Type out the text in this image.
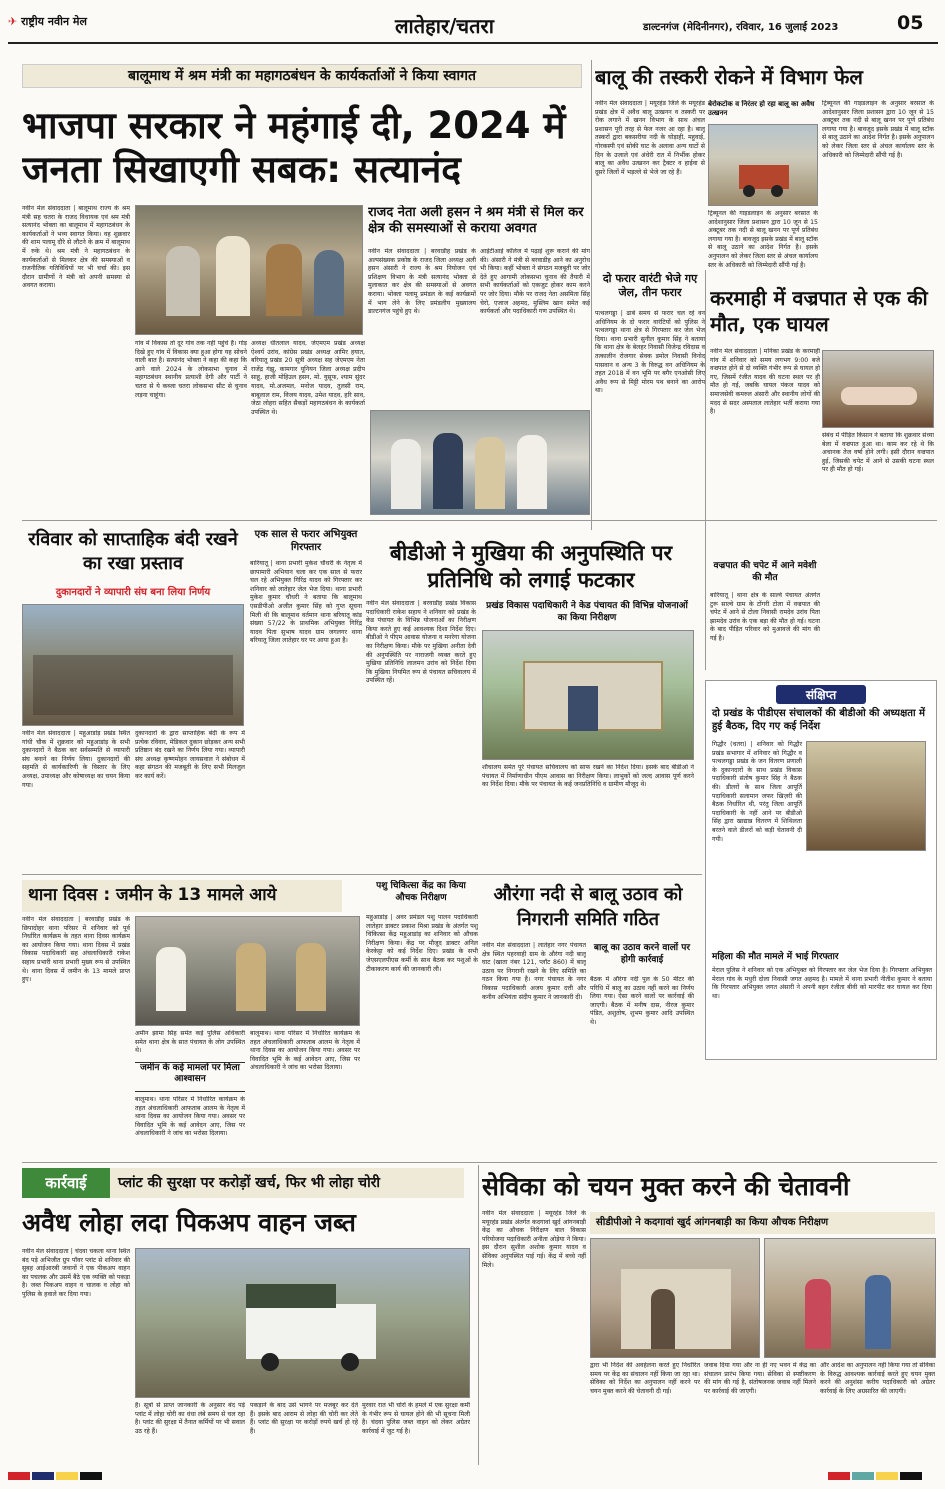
✈ राष्ट्रीय नवीन मेल	लातेहार/चतरा	डाल्टनगंज (मेदिनीनगर), रविवार, 16 जुलाई 2023	05
बालूमाथ में श्रम मंत्री का महागठबंधन के कार्यकर्ताओं ने किया स्वागत
भाजपा सरकार ने महंगाई दी, 2024 में जनता सिखाएगी सबक: सत्यानंद
नवीन मेल संवाददाता | बालूमाथ राज्य के श्रम मंत्री सह चतरा के राजद विधायक एवं श्रम मंत्री सत्यानंद भोक्ता का बालूमाथ में महागठबंधन के कार्यकर्ताओं ने भव्य स्वागत किया। वह शुक्रवार की शाम पलामू दौरे से लौटने के क्रम में बालूमाथ में रुके थे। श्रम मंत्री ने महागठबंधन के कार्यकर्ताओं से मिलकर क्षेत्र की समस्याओं व राजनीतिक गतिविधियों पर भी चर्चा की। इस दौरान ग्रामीणों ने मंत्री को अपनी समस्या से अवगत कराया।
गांव में विकास तो दूर गांव तक नहीं पहुंचे हैं। गोड़ दिखे हुए गांव में विकास क्या हुआ होगा यह सोचने वाली बात है। सत्यानंद भोक्ता ने कहा की कहा कि आने वाले 2024 के लोकसभा चुनाव में महागठबंधन स्थानीय प्रत्याशी देगी और पार्टी ने चतरा से ये कब्जा चतरा लोकसभा सीट से चुनाव लड़ना चाहूंगा।
अध्यक्ष धीतलाल यादव, जेएमएम प्रखंड अध्यक्ष ऐश्वर्य उरांव, कांग्रेस प्रखंड अध्यक्ष आमिर हयात, बरियातू प्रखंड 20 सूत्री अध्यक्ष सह जेएमएम नेता राजेंद्र गंझू, कामगार यूनियन जिला अध्यक्ष प्रदीप साहू, हाजी मोहिउल हसन, मो. युसूफ, श्याम सुंदर यादव, मो.अजमल, मनोज यादव, तुलसी राम, बाबूलाल राम, विजय यादव, उमेश यादव, हरि साव, जेठा लोहरा सहित सैकड़ों महागठबंधन के कार्यकर्ता उपस्थित थे।
राजद नेता अली हसन ने श्रम मंत्री से मिल कर क्षेत्र की समस्याओं से कराया अवगत
नवीन मेल संवाददाता | बरवाडीह प्रखंड के अल्पसंख्यक प्रकोष्ठ के राजद जिला अध्यक्ष अली हसन अंसारी ने राज्य के श्रम नियोजन एवं प्रशिक्षण विभाग के मंत्री सत्यानंद भोक्ता से मुलाकात कर क्षेत्र की समस्याओं से अवगत कराया। भोक्ता पलामू प्रमंडल के कई कार्यक्रमों में भाग लेने के लिए प्रमंडलीय मुख्यालय डाल्टनगंज पहुंचे हुए थे।
आईटीआई कॉलेज में पढ़ाई शुरू कराने की मांग की। अंसारी ने मंत्री से बरवाडीह आने का अनुरोध भी किया। कहीं भोक्ता ने संगठन मजबूती पर जोर देते हुए आगामी लोकसभा चुनाव की तैयारी में सभी कार्यकर्ताओं को एकजुट होकर काम करने पर जोर दिया। मौके पर राजद नेता असमिता सिंह चेरो, एजाज अहमद, मुस्लिम खान समेत कई कार्यकर्ता और पदाधिकारी गण उपस्थित थे।
बालू की तस्करी रोकने में विभाग फेल
नवीन मेल संवाददाता | मयूरहंड जिले के मयूरहंड प्रखंड क्षेत्र में अवैध बालू उत्खनन व तस्करी पर रोक लगाने में खनन विभाग के साथ अंचल प्रशासन पूरी तरह से फेल नजर आ रहा है। बालू तस्करों द्वारा बकसरीया नदी के घोड़ाही, महुवाई, गोरकस्पी एवं सोकी घाट के अलावा अन्य घाटों से दिन के उजाले एवं अंधेरी रात में निर्भीक होकर बालू का अवैध उत्खनन कर ट्रैक्टर व हाईवा से दूसरे जिलों में भड़ल्ले से भेजे जा रहे हैं।
बेरोकटोक व निरंतर हो रहा बालू का अवैध उत्खनन
ट्रिब्यूनल की गाइडलाइन के अनुसार बरसात के आदेशानुसार जिला प्रशासन द्वारा 10 जून से 15 अक्टूबर तक नदी से बालू खनन पर पूर्ण प्रतिबंध लगाया गया है। बावजूद इसके प्रखंड में बालू स्टॉक से बालू उठाने का आदेश निर्गत है। इसके अनुपालन को लेकर जिला स्तर से अंचल कार्यालय स्तर के अधिकारी को जिम्मेदारी सौंपी गई है।
ट्रिब्यूनल की गाइडलाइन के अनुसार बरसात के आदेशानुसार जिला प्रशासन द्वारा 10 जून से 15 अक्टूबर तक नदी से बालू खनन पर पूर्ण प्रतिबंध लगाया गया है। बावजूद इसके प्रखंड में बालू स्टॉक से बालू उठाने का आदेश निर्गत है। इसके अनुपालन को लेकर जिला स्तर से अंचल कार्यालय स्तर के अधिकारी को जिम्मेदारी सौंपी गई है।
दो फरार वारंटी भेजे गए जेल, तीन फरार
पत्थलगड्डा | ढाबे समय से फरार चल रहे वन अधिनियम के दो फरार वारंटियों को पुलिस ने पत्थलगड्डा थाना क्षेत्र से गिरफ्तार कर जेल भेज दिया। थाना प्रभारी सुनील कुमार सिंह ने बताया कि थाना क्षेत्र के बेलहर निवासी विजेन्द्र रविदास व तत्कालीन रोजगार सेवक डमोल निवासी विनोद पासवान व अन्य 3 के विरुद्ध वन अधिनियम के तहत 2018 में वन भूमि पर बगैर एनओसी लिए अवैध रूप से मिट्टी मोरम पथ बनाने का आरोप था।
करमाही में वज्रपात से एक की मौत, एक घायल
नवीन मेल संवाददाता | मनिका प्रखंड के करमाही गांव में शनिवार को समय लगभग 9:00 बजे वज्रपात होने से दो व्यक्ति गंभीर रूप से घायल हो गए, जिसमें रंजीत यादव की घटना स्थल पर ही मौत हो गई, जबकि घायल पंकज यादव को समाजसेवी कमरुल अंसारी और स्थानीय लोगों की मदद से सदर अस्पताल लातेहार भर्ती कराया गया है।
संबंध में पीड़ित किसान ने बताया कि शुक्रवार संध्या बेला में वज्रपात हुआ था। काम कर रहे थे कि अचानक तेज वर्षा होने लगी। इसी दौरान वज्रपात हुई, जिसकी चपेट में आने से उसकी घटना स्थल पर ही मौत हो गई।
वज्रपात की चपेट में आने मवेशी की मौत
बारियातू | थाना क्षेत्र के साल्वे पंचायत अंतर्गत टुरू साल्वे ग्राम के टोंगरी टोला में वज्रपात की चपेट में आने से टोला निवासी रामदेव उरांव पिता झामदेव उरांव के एक बड़ा की मौत हो गई। घटना के बाद पीड़ित परिवार को मुआवजे की मांग की गई है।
संक्षिप्त
दो प्रखंड के पीडीएस संचालकों की बीडीओ की अध्यक्षता में हुई बैठक, दिए गए कई निर्देश
गिद्धौर (चतरा) | शनिवार को गिद्धौर प्रखंड सभागार में शनिवार को गिद्धौर व पत्थलगड्डा प्रखंड के जन वितरण प्रणाली के दुकानदारों के साथ प्रखंड विकास पदाधिकारी संतोष कुमार सिंह ने बैठक की। डीलरों के साथ जिला आपूर्ति पदाधिकारी सलामान जफर खिज़री की बैठक निर्धारित थी, परंतु जिला आपूर्ति पदाधिकारी के नहीं आने पर बीडीओ सिंह द्वारा खाद्यान्न वितरण में शिथिलता बरतने वाले डीलरों को कड़ी चेतावनी दी गयी।
महिला की मौत मामले में भाई गिरफ्तार
मेराल पुलिस ने शनिवार को एक अभियुक्त को गिरफ्तार कर जेल भेज दिया है। गिरफ्तार अभियुक्त मेराल गांव के मधुरी दोला निवासी जगत अहमद है। मामले में थाना प्रभारी नीतीश कुमार ने बताया कि गिरफ्तार अभियुक्त जगत अंसारी ने अपनी बहन रंजीता बीवी को मारपीट कर घायल कर दिया था।
रविवार को साप्ताहिक बंदी रखने का रखा प्रस्ताव
दुकानदारों ने व्यापारी संघ बना लिया निर्णय
नवीन मेल संवाददाता | महुआडांड़ प्रखंड स्थित गांधी चौक में शुक्रवार को महुआडांड़ के सभी दुकानदारों ने बैठक कर सर्वसम्मति से व्यापारी संघ बनाने का निर्णय लिया। दुकानदारों की सहमति से कार्यकारिणी के विस्तार के लिए अध्यक्ष, उपाध्यक्ष और कोषाध्यक्ष का चयन किया गया।
दुकानदारों के द्वारा साप्ताहिक बंदी के रूप में प्रत्येक रविवार, मेडिकल दुकान छोड़कर अन्य सभी प्रतिष्ठान बंद रखने का निर्णय लिया गया। व्यापारी संघ अध्यक्ष कृष्णमोहन जायसवाल ने संबोधन में कहा संगठन की मजबूती के लिए सभी मिलजुल कर कार्य करें।
एक साल से फरार अभियुक्त गिरफ्तार
बारियातू | थाना प्रभारी मुकेश चौधरी के नेतृत्व में छापामारी अभियान चला कर एक साल से फरार चल रहे अभियुक्त गिरिंद्र यादव को गिरफ्तार कर शनिवार को लातेहार जेल भेज दिया। थाना प्रभारी मुकेश कुमार चौधरी ने बताया कि बालूमाथ एसडीपीओ अजीत कुमार सिंह को गुप्त सूचना मिली थी कि बालूमाथ वर्तमान थाना बरियातू कांड संख्या 57/22 के प्राथमिक अभियुक्त गिरिंद्र यादव पिता सुभाष यादव ग्राम जगलगर थाना बरियातू जिला लातेहार घर पर आया हुआ है।
बीडीओ ने मुखिया की अनुपस्थिति पर प्रतिनिधि को लगाई फटकार
नवीन मेल संवाददाता | बरवाडीह प्रखंड विकास पदाधिकारी राकेश सहाय ने शनिवार को प्रखंड के केड पंचायत के विभिन्न योजनाओं का निरीक्षण किया करते हुए कई आवश्यक दिशा निर्देश दिए। बीडीओ ने पीएम आवास योजना व मनरेगा योजना का निरीक्षण किया। मौके पर मुखिया अनीता देवी की अनुपस्थिति पर नाराजगी व्यक्त करते हुए मुखिया प्रतिनिधि लालमन उरांव को निर्देश दिया कि मुखिया नियमित रूप से पंचायत सचिवालय में उपस्थित रहें।
प्रखंड विकास पदाधिकारी ने केड पंचायत की विभिन्न योजनाओं का किया निरीक्षण
शौचालय समेत पूरे पंचायत सचिवालय को साफ रखने का निर्देश दिया। इसके बाद बीडीओ ने पंचायत में निर्माणाधीन पीएम आवास का निरीक्षण किया। लाभुकों को जल्द आवास पूर्ण करने का निर्देश दिया। मौके पर पंचायत के कई जनप्रतिनिधि व ग्रामीण मौजूद थे।
थाना दिवस : जमीन के 13 मामले आये
नवीन मेल संवाददाता | बरवाडीह प्रखंड के छिपादोहर थाना परिसर में शनिवार को पूर्व निर्धारित कार्यक्रम के तहत थाना दिवस कार्यक्रम का आयोजन किया गया। थाना दिवस में प्रखंड विकास पदाधिकारी सह अंचलाधिकारी राकेश सहाय प्रभारी थाना प्रभारी मुख्य रूप से उपस्थित थे। थाना दिवस में जमीन के 13 मामले प्राप्त हुए।
अमीन झामा सिंह समेत कई पुलिस अधिकारी समेत थाना क्षेत्र के सात पंचायत के लोग उपस्थित थे।
जमीन के कई मामलों पर मिला आश्वासन
बालूमाथ। थाना परिसर में निर्धारित कार्यक्रम के तहत अंचलाधिकारी आफताब आलम के नेतृत्व में थाना दिवस का आयोजन किया गया। अवसर पर विवादित भूमि के कई आवेदन आए, जिस पर अंचलाधिकारी ने जांच का भरोसा दिलाया।
बालूमाथ। थाना परिसर में निर्धारित कार्यक्रम के तहत अंचलाधिकारी आफताब आलम के नेतृत्व में थाना दिवस का आयोजन किया गया। अवसर पर विवादित भूमि के कई आवेदन आए, जिस पर अंचलाधिकारी ने जांच का भरोसा दिलाया।
पशु चिकित्सा केंद्र का किया औचक निरीक्षण
महुआडांड़ | अवर प्रमंडल पशु पालन पदाधिकारी लातेहार डाक्टर प्रकाश मिश्रा प्रखंड के अंतर्गत पशु चिकित्सा केंद्र महुआडांड़ का शनिवार को औचक निरीक्षण किया। केंद्र पर मौजूद डाक्टर अनिल केरकेट्टा को कई निर्देश दिए। प्रखंड के सभी जेएसएलपीएस कर्मी के साथ बैठक कर पशुओं के टीकाकरण कार्य की जानकारी ली।
औरंगा नदी से बालू उठाव को निगरानी समिति गठित
नवीन मेल संवाददाता | लातेहार नगर पंचायत क्षेत्र स्थित पहरवाही ग्राम के औरंगा नदी बालू घाट (खाता नंबर 121, प्लॉट 860) में बालू उठाव पर निगरानी रखने के लिए समिति का गठन किया गया है। नगर पंचायत के नगर विकास पदाधिकारी अजय कुमार दत्ती और कनीय अभियंता संदीप कुमार ने जानकारी दी।
बालू का उठाव करने वालों पर होगी कार्रवाई
बैठक में औरंगा नदी पुल के 50 मीटर की परिधि में बालू का उठाव नहीं करने का निर्णय लिया गया। ऐसा करने वालों पर कार्रवाई की जाएगी। बैठक में मनीष दास, नीरज कुमार पंडित, अशुतोष, शुभम कुमार आदि उपस्थित थे।
कार्रवाई	प्लांट की सुरक्षा पर करोड़ों खर्च, फिर भी लोहा चोरी
अवैध लोहा लदा पिकअप वाहन जब्त
नवीन मेल संवाददाता | चंदवा चकला थाना स्थित बंद पड़े अभिजीत ग्रुप पॉवर प्लांट से शनिवार की सुबह आईआरबी जवानों ने एक पीकअप वाहन का पचलक और उसमें बैठे एक व्यक्ति को पकड़ा है। जब्त पिकअप वाहन व चालक व लोहा को पुलिस के हवाले कर दिया गया।
है। सूत्रों से प्राप्त जानकारी के अनुसार बंद पड़े प्लांट में लोहा चोरी का धंधा लंबे समय से चल रहा है। प्लांट की सुरक्षा में तैनात कर्मियों पर भी सवाल उठ रहे हैं।
पकड़ाने के बाद उसे भागने पर मजबूर कर देते हैं। इसके बाद आराम से लोहा की चोरी कर लेते हैं। प्लांट की सुरक्षा पर करोड़ों रुपये खर्च हो रहे हैं।
मुरवार रात भी चोरों के हमले में एक सुरक्षा कर्मी के गंभीर रूप से घायल होने की भी सूचना मिली है। चंदवा पुलिस जब्त वाहन को लेकर अग्रेतर कार्रवाई में जुट गई है।
सेविका को चयन मुक्त करने की चेतावनी
नवीन मेल संवाददाता | मयूरहंड जिले के मयूरहंड प्रखंड अंतर्गत कदगावां खुर्द आंगनबाड़ी केंद्र का औचक निरीक्षण बाल विकास परियोजना पदाधिकारी अनीता ओड़ेया ने किया। इस दौरान सुशील अशोक कुमार यादव व सेविका अनुपस्थित पाई गई। केंद्र में बच्चे नहीं मिले।
सीडीपीओ ने कदगावां खुर्द आंगनबाड़ी का किया औचक निरीक्षण
द्वारा भी निर्देश की अवहेलना करते हुए निर्धारित समय पर केंद्र का संचालन नहीं किया जा रहा था। सेविका को निर्देश का अनुपालन नहीं करने पर चयन मुक्त करने की चेतावनी दी गई।
जवाब दिया गया और ना ही नए भवन में केंद्र का संचालन प्रारंभ किया गया। सेविका से स्पष्टीकरण की मांग की गई है, संतोषजनक जवाब नहीं मिलने पर कार्रवाई की जाएगी।
और आदेश का अनुपालन नहीं किया गया तो सेविका के विरुद्ध आवश्यक कार्रवाई करते हुए चयन मुक्त करने की अनुशंसा करीय पदाधिकारी को अग्रेतर कार्रवाई के लिए अग्रसारित की जाएगी।
